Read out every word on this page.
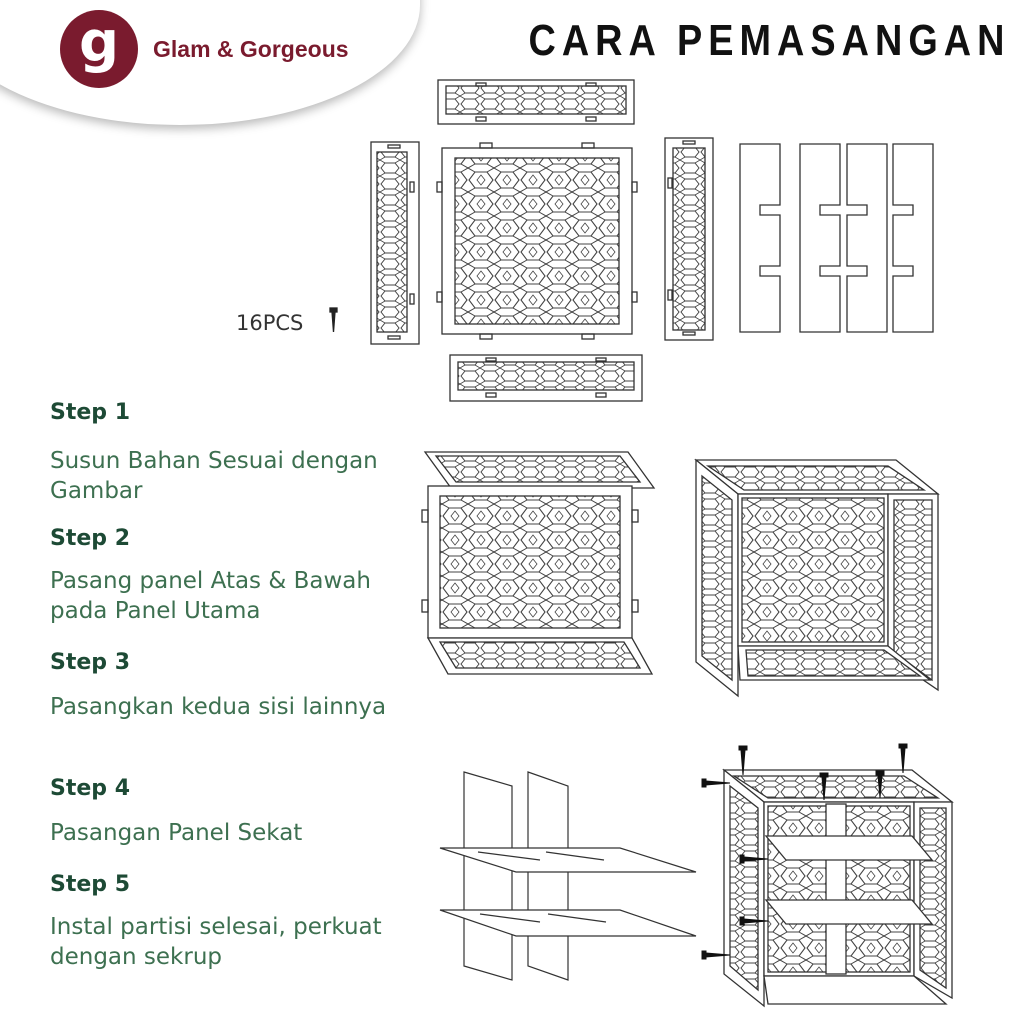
g	Glam & Gorgeous	CARA PEMASANGAN
Step 1
Susun Bahan Sesuai dengan Gambar
Step 2
Pasang panel Atas & Bawah pada Panel Utama
Step 3
Pasangkan kedua sisi lainnya
Step 4
Pasangan Panel Sekat
Step 5
Instal partisi selesai, perkuat dengan sekrup
16PCS
